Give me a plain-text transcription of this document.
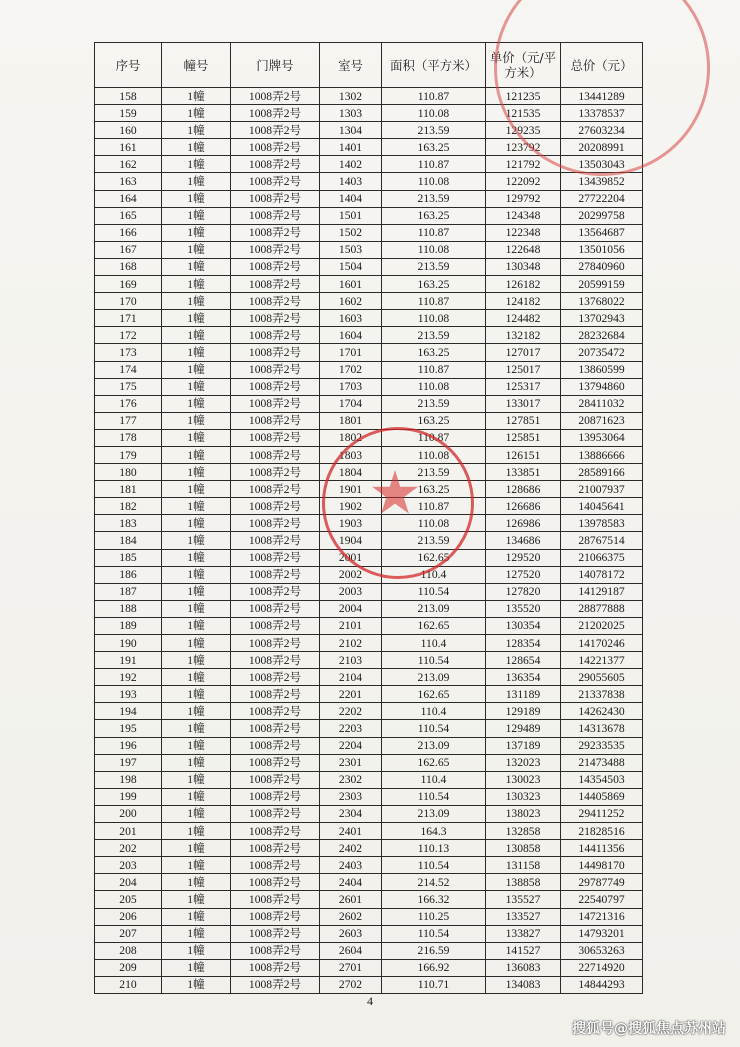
序号	幢号	门牌号	室号	面积（平方米）	单价（元/平方米）	总价（元）
158	1幢	1008弄2号	1302	110.87	121235	13441289
159	1幢	1008弄2号	1303	110.08	121535	13378537
160	1幢	1008弄2号	1304	213.59	129235	27603234
161	1幢	1008弄2号	1401	163.25	123792	20208991
162	1幢	1008弄2号	1402	110.87	121792	13503043
163	1幢	1008弄2号	1403	110.08	122092	13439852
164	1幢	1008弄2号	1404	213.59	129792	27722204
165	1幢	1008弄2号	1501	163.25	124348	20299758
166	1幢	1008弄2号	1502	110.87	122348	13564687
167	1幢	1008弄2号	1503	110.08	122648	13501056
168	1幢	1008弄2号	1504	213.59	130348	27840960
169	1幢	1008弄2号	1601	163.25	126182	20599159
170	1幢	1008弄2号	1602	110.87	124182	13768022
171	1幢	1008弄2号	1603	110.08	124482	13702943
172	1幢	1008弄2号	1604	213.59	132182	28232684
173	1幢	1008弄2号	1701	163.25	127017	20735472
174	1幢	1008弄2号	1702	110.87	125017	13860599
175	1幢	1008弄2号	1703	110.08	125317	13794860
176	1幢	1008弄2号	1704	213.59	133017	28411032
177	1幢	1008弄2号	1801	163.25	127851	20871623
178	1幢	1008弄2号	1802	110.87	125851	13953064
179	1幢	1008弄2号	1803	110.08	126151	13886666
180	1幢	1008弄2号	1804	213.59	133851	28589166
181	1幢	1008弄2号	1901	163.25	128686	21007937
182	1幢	1008弄2号	1902	110.87	126686	14045641
183	1幢	1008弄2号	1903	110.08	126986	13978583
184	1幢	1008弄2号	1904	213.59	134686	28767514
185	1幢	1008弄2号	2001	162.65	129520	21066375
186	1幢	1008弄2号	2002	110.4	127520	14078172
187	1幢	1008弄2号	2003	110.54	127820	14129187
188	1幢	1008弄2号	2004	213.09	135520	28877888
189	1幢	1008弄2号	2101	162.65	130354	21202025
190	1幢	1008弄2号	2102	110.4	128354	14170246
191	1幢	1008弄2号	2103	110.54	128654	14221377
192	1幢	1008弄2号	2104	213.09	136354	29055605
193	1幢	1008弄2号	2201	162.65	131189	21337838
194	1幢	1008弄2号	2202	110.4	129189	14262430
195	1幢	1008弄2号	2203	110.54	129489	14313678
196	1幢	1008弄2号	2204	213.09	137189	29233535
197	1幢	1008弄2号	2301	162.65	132023	21473488
198	1幢	1008弄2号	2302	110.4	130023	14354503
199	1幢	1008弄2号	2303	110.54	130323	14405869
200	1幢	1008弄2号	2304	213.09	138023	29411252
201	1幢	1008弄2号	2401	164.3	132858	21828516
202	1幢	1008弄2号	2402	110.13	130858	14411356
203	1幢	1008弄2号	2403	110.54	131158	14498170
204	1幢	1008弄2号	2404	214.52	138858	29787749
205	1幢	1008弄2号	2601	166.32	135527	22540797
206	1幢	1008弄2号	2602	110.25	133527	14721316
207	1幢	1008弄2号	2603	110.54	133827	14793201
208	1幢	1008弄2号	2604	216.59	141527	30653263
209	1幢	1008弄2号	2701	166.92	136083	22714920
210	1幢	1008弄2号	2702	110.71	134083	14844293
4
搜狐号@搜狐焦点苏州站
